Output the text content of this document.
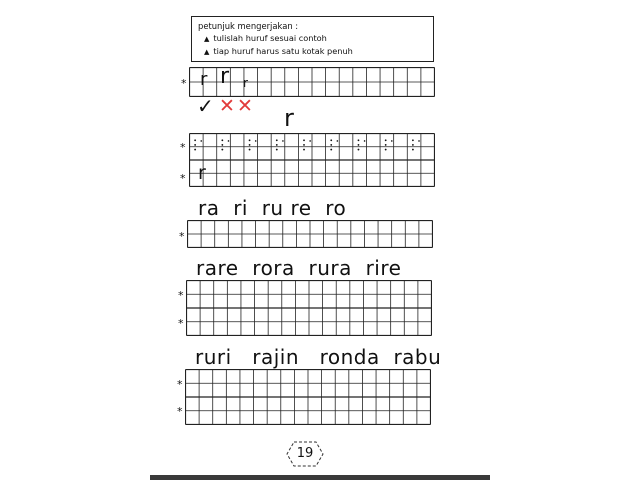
petunjuk mengerjakan :
▲ tulislah huruf sesuai contoh
▲ tiap huruf harus satu kotak penuh
* r r r
✓ ✕ ✕ r
*
* r
ra  ri  ru re  ro
*
rare  rora  rura  rire
*
*
ruri   rajin   ronda  rabu
*
*
19
